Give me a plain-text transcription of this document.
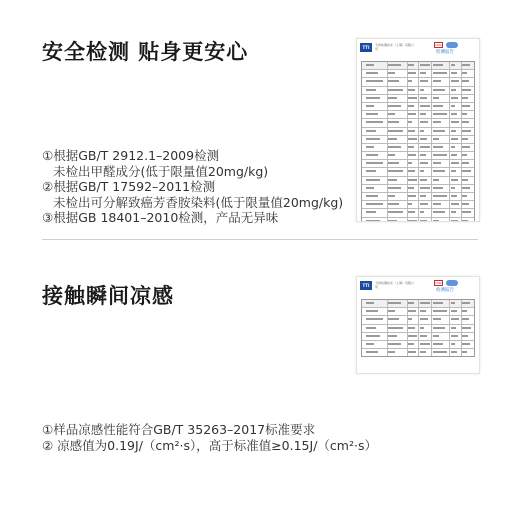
安全检测 贴身更安心
①根据GB/T 2912.1–2009检测
未检出甲醛成分(低于限量值20mg/kg)
②根据GB/T 17592–2011检测
未检出可分解致癌芳香胺染料(低于限量值20mg/kg)
③根据GB 18401–2010检测，产品无异味
TTI	天祥检测技术（上海）有限公司
CMA
检测报告
接触瞬间凉感
①样品凉感性能符合GB/T 35263–2017标准要求
② 凉感值为0.19J/（cm²·s），高于标准值≥0.15J/（cm²·s）
TTI	天祥检测技术（上海）有限公司
CMA
检测报告
